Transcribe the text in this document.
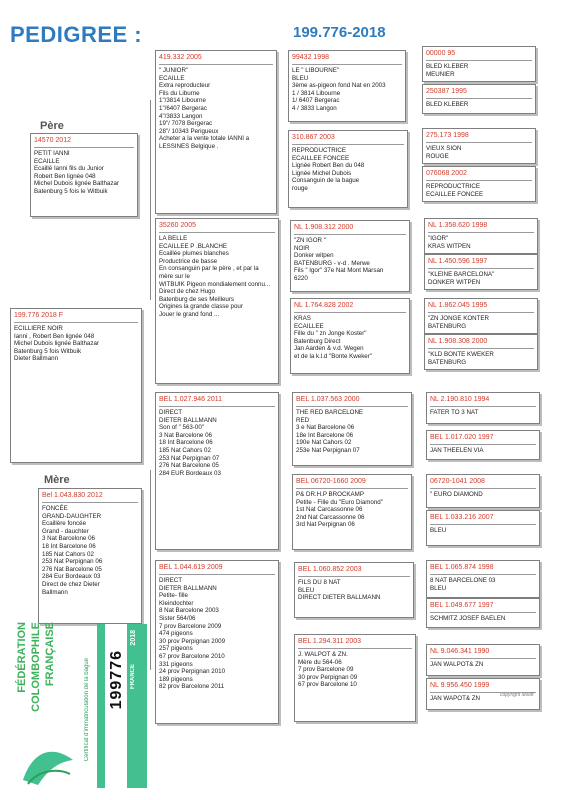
PEDIGREE :	199.776-2018
Père
14570 2012
PETIT IANNI
ECAILLE
Ecaillé Ianni fils du Junior
Robert Ben lignée 048
Michel Dubois lignée Balthazar
Batenburg 5 fois le Witbuik
199.776 2018 F
ECILLIERE NOIR
Ianni , Robert Ben lignée 048
Michel Dubois lignée Balthazar
Batenburg 5 fois Witbuik
Dieter Ballmann
Mère
Bel 1.043.830 2012
FONCÉE
GRAND-DAUGHTER
Ecaillère foncée
Grand - dauchter
3 Nat Barcelone 06
18 Int Barcelone 06
185 Nat Cahors 02
253 Nat Perpignan 06
276 Nat Barcelone 05
284 Eur Bordeaux 03
Direct de chez Dieter
Ballmann
419.332 2005
" JUNIOR"
ECAILLE
Extra reproducteur
Fils du Liburne
1"/3814 Libourne
1"/6407 Bergerac
4"/3833 Langon
19"/ 7078 Bergerac
28"/ 10343 Perigueux
Acheter a la vente totale IANNI a
LESSINES Belgique .
35260 2005
LA BELLE
ECAILLEE P .BLANCHE
Ecaillée plumes blanches
Productrice de basse
En consanguin par le père , et par la
mère sur le
WITBUIK Pigeon mondialement connu...
Direct de chez Hugo
Batenburg de ses Meilleurs
Origines la grande classe pour
Jouer le grand fond ...
BEL 1.027.946 2011
DIRECT
DIETER BALLMANN
Son of " 563-00"
3 Nat Barcelone 06
18 Int Barcelone 06
185 Nat Cahors 02
253 Nat Perpignan 07
276 Nat Barcelone 05
284 EUR Bordeaux 03
BEL 1.044.619 2009
DIRECT
DIETER BALLMANN
Petite- fille
Kleindochter
8 Nat Barcelone 2003
Sister 564/06
7 prov Barcelone 2009
474 pigeons
30 prov Perpignan 2009
257 pigeons
67 prov Barcelone 2010
331 pigeons
24 prov Perpignan 2010
189 pigeons
82 prov Barcelone 2011
99432 1998
LE " LIBOURNE"
BLEU
3ème as-pigeon fond Nat en 2003
1 / 3814 Libourne
1/ 6407 Bergerac
4 / 3833 Langon
310.867 2003
REPRODUCTRICE
ECAILLEE FONCEE
Lignée Robert Ben du 048
Lignée Michel Dubois
Consanguin de la bague
rouge
NL 1.908.312 2000
"ZN IGOR "
NOIR
Donker witpen
BATENBURG - v-d . Merwe
Fils " Igor" 37e Nat Mont Marsan
6220
NL 1.764.828 2002
KRAS
ECAILLEE
Fille du " zn Jonge Koster"
Batenburg Direct
Jan Aarden & v.d. Wegen
et de la k.l.d "Bonte Kweker"
BEL 1.037.563 2000
THE RED BARCELONE
RED
3 e Nat Barcelone 06
18e Int Barcelone 06
190e Nat Cahors 02
253e Nat Perpignan 07
BEL 06720-1660 2009
P& DR.H.P BROCKAMP
Petite - Fille du "Euro Diamond"
1st Nat Carcassonne 06
2nd Nat Carcassonne 06
3rd Nat Perpignan 06
BEL 1.060.852 2003
FILS DU 8 NAT
BLEU
DIRECT DIETER BALLMANN
BEL 1.294.311 2003
J. WALPOT & ZN.
Mère du 564-06
7 prov Barcelone 09
30 prov Perpignan 09
67 prov Barcelone 10
00000 95
BLED KLEBER
MEUNIER
250387 1995
BLED KLEBER
275.173 1998
VIEUX SION
ROUGE
076068 2002
REPRODUCTRICE
ECAILLEE FONCEE
NL 1.358.620 1998
"IGOR"
KRAS WITPEN
NL 1.450.596 1997
"KLEINE BARCELONA"
DONKER WITPEN
NL 1.862.045 1995
"ZN JONGE KONTER
BATENBURG
NL 1.908.308 2000
"KLD BONTE KWEKER
BATENBURG
NL 2.190.810 1994
FATER TO 3 NAT
BEL 1.017.020 1997
JAN THEELEN VIA
06720-1041 2008
" EURO DIAMOND
BEL 1.033.216 2007
BLEU
BEL 1.065.874 1998
8 NAT BARCELONE 03
BLEU
BEL 1.049.677 1997
SCHMITZ JOSEF BAELEN
NL 9.046.341 1990
JAN WALPOT& ZN
NL 9.956.450 1999
JAN WAPOT& ZN	copyright idsoft
FÉDÉRATION COLOMBOPHILE FRANÇAISE
Certificat d'immatriculation de la bague 199776
2018
FRANCE
